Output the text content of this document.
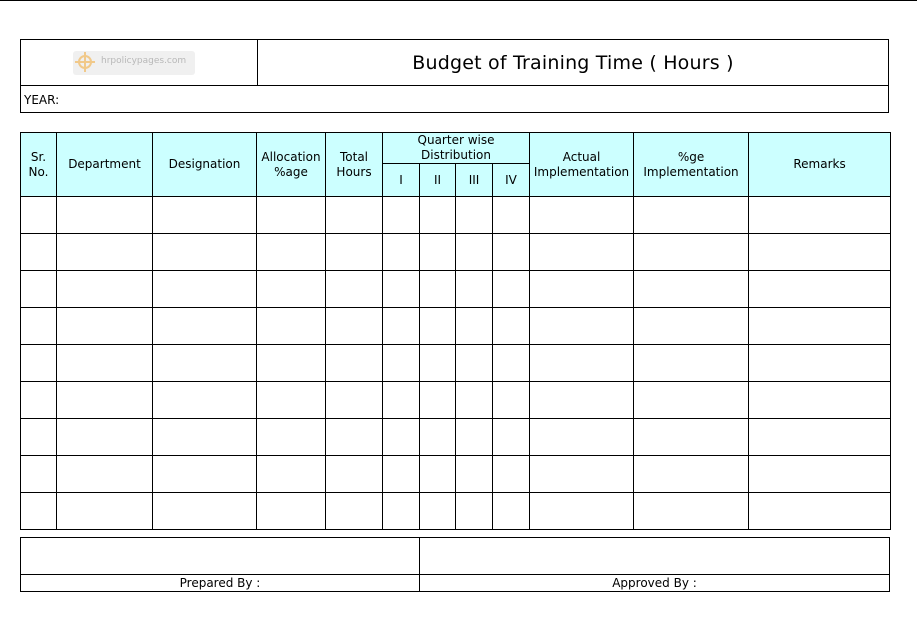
hrpolicypages.com	Budget of Training Time ( Hours )
YEAR:
Sr. No.	Department	Designation	Allocation %age	Total Hours	Quarter wise Distribution				Actual Implementation	%ge Implementation	Remarks
					I	II	III	IV			

Prepared By :	Approved By :
